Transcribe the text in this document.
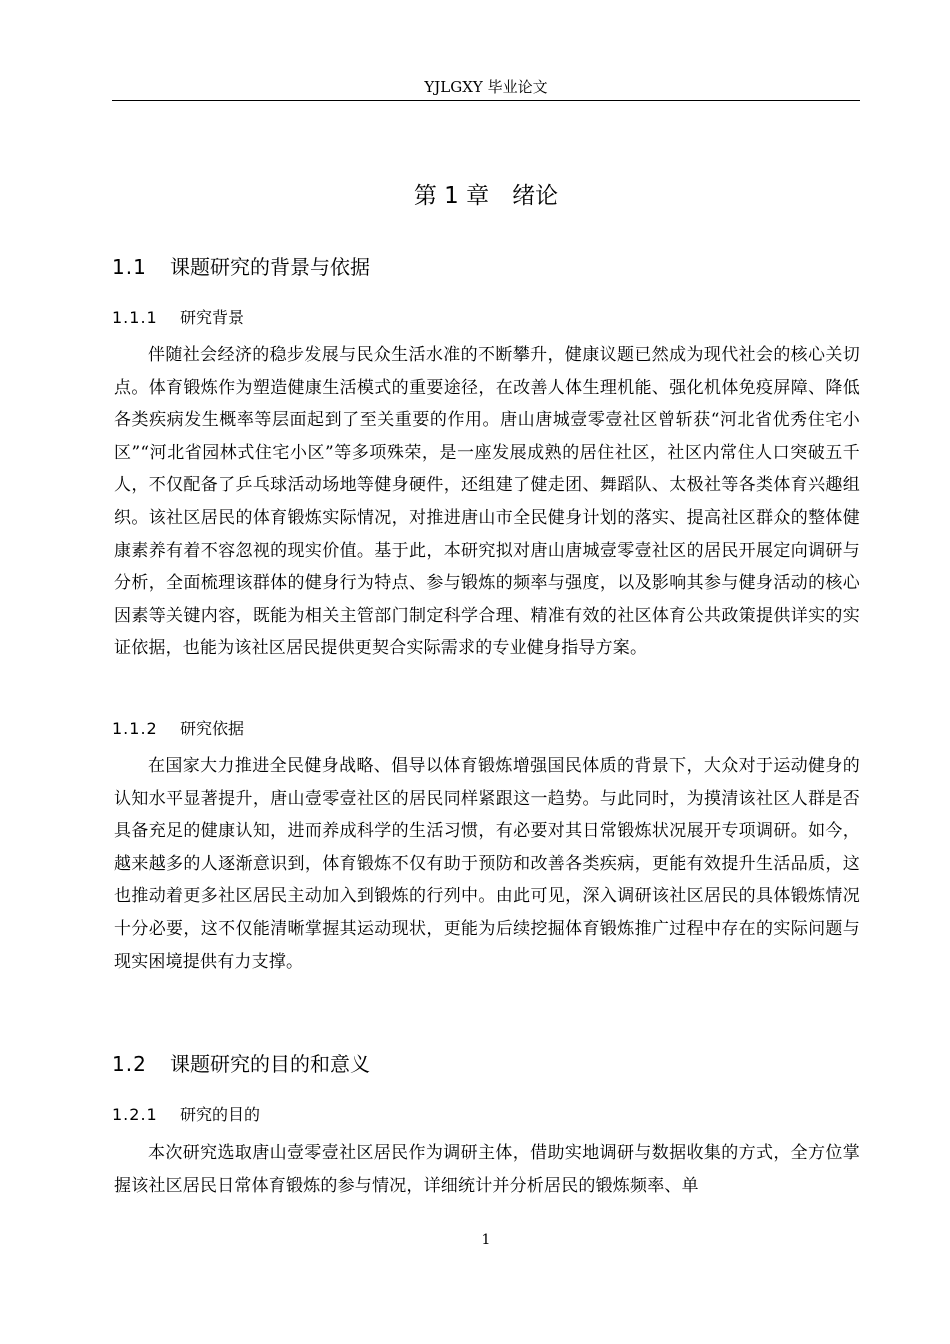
YJLGXY 毕业论文
第 1 章　绪论
1.1 课题研究的背景与依据
1.1.1 研究背景

伴随社会经济的稳步发展与民众生活水准的不断攀升，健康议题已然成为现代社会的核心关切点。体育锻炼作为塑造健康生活模式的重要途径，在改善人体生理机能、强化机体免疫屏障、降低各类疾病发生概率等层面起到了至关重要的作用。唐山唐城壹零壹社区曾斩获“河北省优秀住宅小区”“河北省园林式住宅小区”等多项殊荣，是一座发展成熟的居住社区，社区内常住人口突破五千人，不仅配备了乒乓球活动场地等健身硬件，还组建了健走团、舞蹈队、太极社等各类体育兴趣组织。该社区居民的体育锻炼实际情况，对推进唐山市全民健身计划的落实、提高社区群众的整体健康素养有着不容忽视的现实价值。基于此，本研究拟对唐山唐城壹零壹社区的居民开展定向调研与分析，全面梳理该群体的健身行为特点、参与锻炼的频率与强度，以及影响其参与健身活动的核心因素等关键内容，既能为相关主管部门制定科学合理、精准有效的社区体育公共政策提供详实的实证依据，也能为该社区居民提供更契合实际需求的专业健身指导方案。

1.1.2 研究依据

在国家大力推进全民健身战略、倡导以体育锻炼增强国民体质的背景下，大众对于运动健身的认知水平显著提升，唐山壹零壹社区的居民同样紧跟这一趋势。与此同时，为摸清该社区人群是否具备充足的健康认知，进而养成科学的生活习惯，有必要对其日常锻炼状况展开专项调研。如今，越来越多的人逐渐意识到，体育锻炼不仅有助于预防和改善各类疾病，更能有效提升生活品质，这也推动着更多社区居民主动加入到锻炼的行列中。由此可见，深入调研该社区居民的具体锻炼情况十分必要，这不仅能清晰掌握其运动现状，更能为后续挖掘体育锻炼推广过程中存在的实际问题与现实困境提供有力支撑。

1.2 课题研究的目的和意义
1.2.1 研究的目的

本次研究选取唐山壹零壹社区居民作为调研主体，借助实地调研与数据收集的方式，全方位掌握该社区居民日常体育锻炼的参与情况，详细统计并分析居民的锻炼频率、单

1
